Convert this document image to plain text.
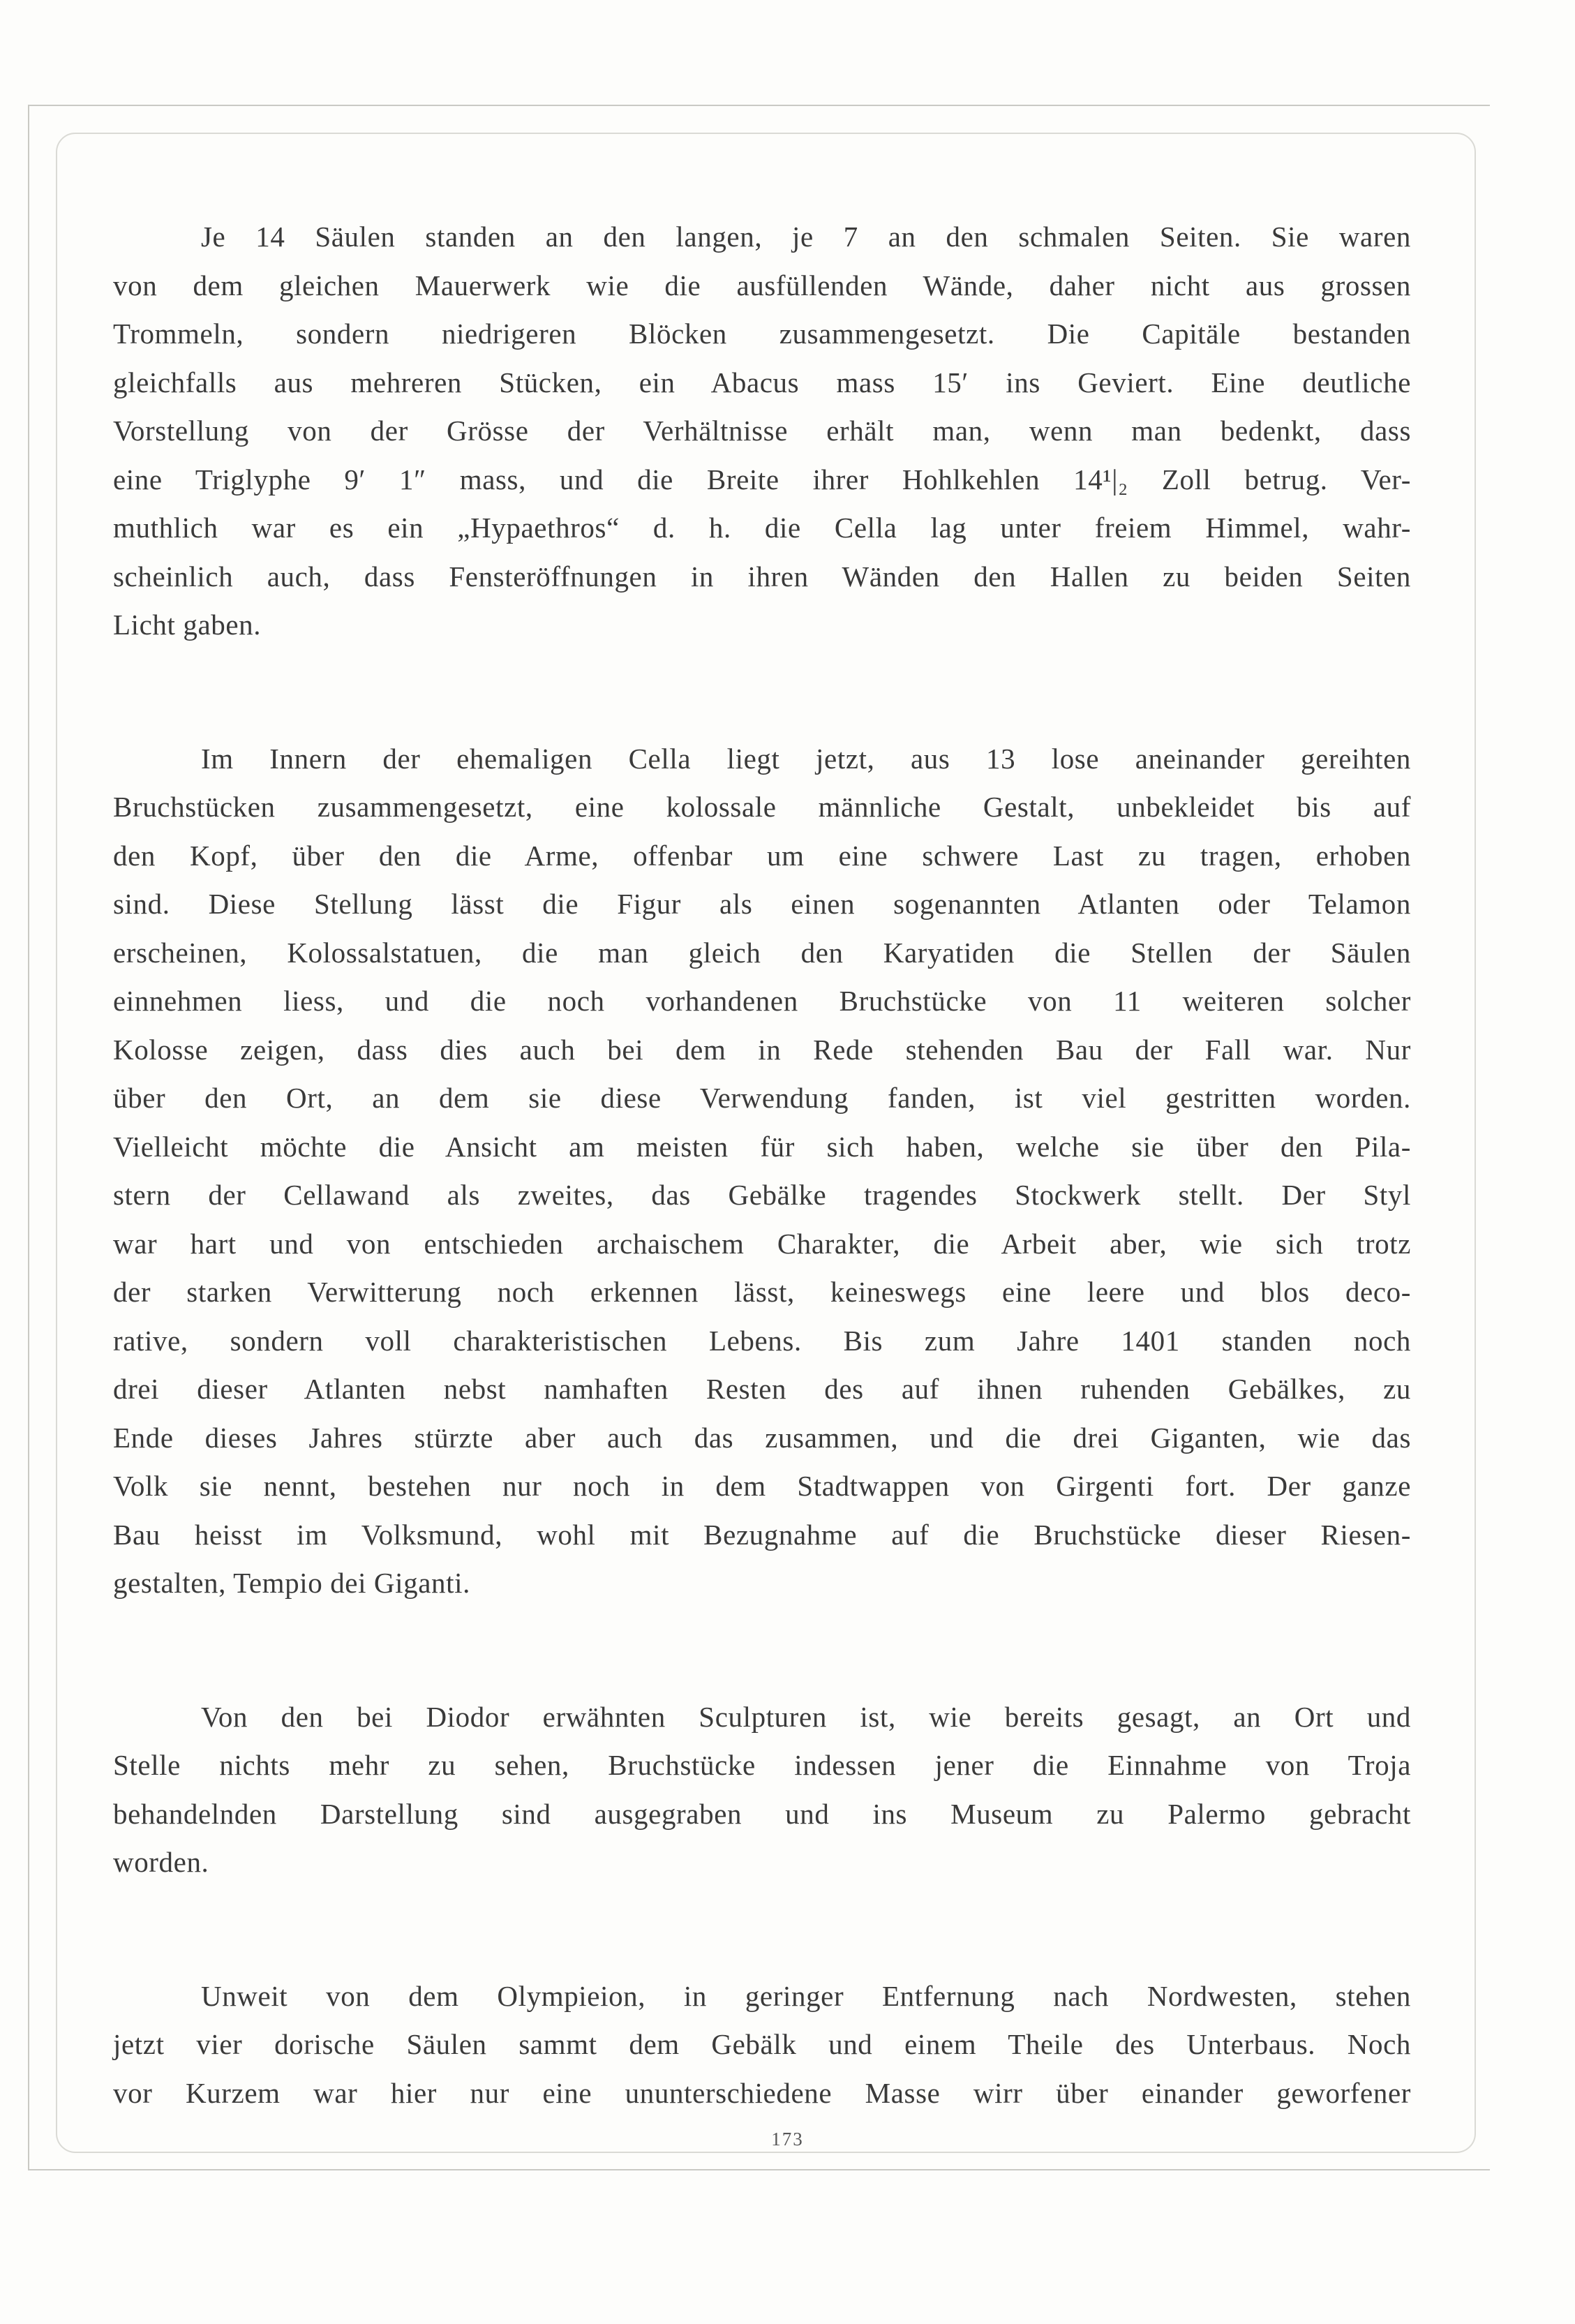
Je 14 Säulen standen an den langen, je 7 an den schmalen Seiten. Sie waren
von dem gleichen Mauerwerk wie die ausfüllenden Wände, daher nicht aus grossen
Trommeln, sondern niedrigeren Blöcken zusammengesetzt. Die Capitäle bestanden
gleichfalls aus mehreren Stücken, ein Abacus mass 15′ ins Geviert. Eine deutliche
Vorstellung von der Grösse der Verhältnisse erhält man, wenn man bedenkt, dass
eine Triglyphe 9′ 1″ mass, und die Breite ihrer Hohlkehlen 14¹|₂ Zoll betrug. Ver-
muthlich war es ein „Hypaethros“ d. h. die Cella lag unter freiem Himmel, wahr-
scheinlich auch, dass Fensteröffnungen in ihren Wänden den Hallen zu beiden Seiten
Licht gaben.

Im Innern der ehemaligen Cella liegt jetzt, aus 13 lose aneinander gereihten
Bruchstücken zusammengesetzt, eine kolossale männliche Gestalt, unbekleidet bis auf
den Kopf, über den die Arme, offenbar um eine schwere Last zu tragen, erhoben
sind. Diese Stellung lässt die Figur als einen sogenannten Atlanten oder Telamon
erscheinen, Kolossalstatuen, die man gleich den Karyatiden die Stellen der Säulen
einnehmen liess, und die noch vorhandenen Bruchstücke von 11 weiteren solcher
Kolosse zeigen, dass dies auch bei dem in Rede stehenden Bau der Fall war. Nur
über den Ort, an dem sie diese Verwendung fanden, ist viel gestritten worden.
Vielleicht möchte die Ansicht am meisten für sich haben, welche sie über den Pila-
stern der Cellawand als zweites, das Gebälke tragendes Stockwerk stellt. Der Styl
war hart und von entschieden archaischem Charakter, die Arbeit aber, wie sich trotz
der starken Verwitterung noch erkennen lässt, keineswegs eine leere und blos deco-
rative, sondern voll charakteristischen Lebens. Bis zum Jahre 1401 standen noch
drei dieser Atlanten nebst namhaften Resten des auf ihnen ruhenden Gebälkes, zu
Ende dieses Jahres stürzte aber auch das zusammen, und die drei Giganten, wie das
Volk sie nennt, bestehen nur noch in dem Stadtwappen von Girgenti fort. Der ganze
Bau heisst im Volksmund, wohl mit Bezugnahme auf die Bruchstücke dieser Riesen-
gestalten, Tempio dei Giganti.

Von den bei Diodor erwähnten Sculpturen ist, wie bereits gesagt, an Ort und
Stelle nichts mehr zu sehen, Bruchstücke indessen jener die Einnahme von Troja
behandelnden Darstellung sind ausgegraben und ins Museum zu Palermo gebracht
worden.

Unweit von dem Olympieion, in geringer Entfernung nach Nordwesten, stehen
jetzt vier dorische Säulen sammt dem Gebälk und einem Theile des Unterbaus. Noch
vor Kurzem war hier nur eine ununterschiedene Masse wirr über einander geworfener

173
